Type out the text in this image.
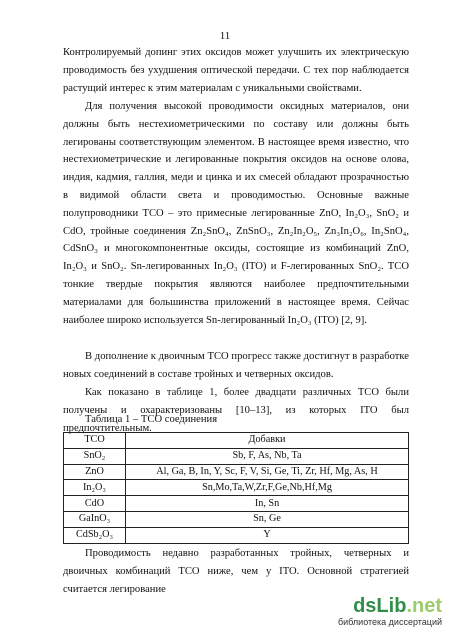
11

Контролируемый допинг этих оксидов может улучшить их электрическую проводимость без ухудшения оптической передачи. С тех пор наблюдается растущий интерес к этим материалам с уникальными свойствами.

Для получения высокой проводимости оксидных материалов, они должны быть нестехиометрическими по составу или должны быть легированы соответствующим элементом. В настоящее время известно, что нестехиометрические и легированные покрытия оксидов на основе олова, индия, кадмия, галлия, меди и цинка и их смесей обладают прозрачностью в видимой области света и проводимостью. Основные важные полупроводники TCO – это примесные легированные ZnO, In₂O₃, SnO₂ и CdO, тройные соединения Zn₂SnO₄, ZnSnO₃, Zn₂In₂O₅, Zn₃In₂O₆, In₂SnO₄, CdSnO₃ и многокомпонентные оксиды, состоящие из комбинаций ZnO, In₂O₃ и SnO₂. Sn-легированных In₂O₃ (ITO) и F-легированных SnO₂. TCO тонкие твердые покрытия являются наиболее предпочтительными материалами для большинства приложений в настоящее время. Сейчас наиболее широко используется Sn-легированный In₂O₃ (ITO) [2, 9].

В дополнение к двоичным TCO прогресс также достигнут в разработке новых соединений в составе тройных и четверных оксидов.

Как показано в таблице 1, более двадцати различных TCO были получены и охарактеризованы [10–13], из которых ITO был предпочтительным.

Таблица 1 – TCO соединения
TCO	Добавки
SnO₂	Sb, F, As, Nb, Ta
ZnO	Al, Ga, B, In, Y, Sc, F, V, Si, Ge, Ti, Zr, Hf, Mg, As, H
In₂O₃	Sn,Mo,Ta,W,Zr,F,Ge,Nb,Hf,Mg
CdO	In, Sn
GaInO₃	Sn, Ge
CdSb₂O₃	Y

Проводимость недавно разработанных тройных, четверных и двоичных комбинаций TCO ниже, чем у ITO. Основной стратегией считается легирование

dsLib.net
библиотека диссертаций
